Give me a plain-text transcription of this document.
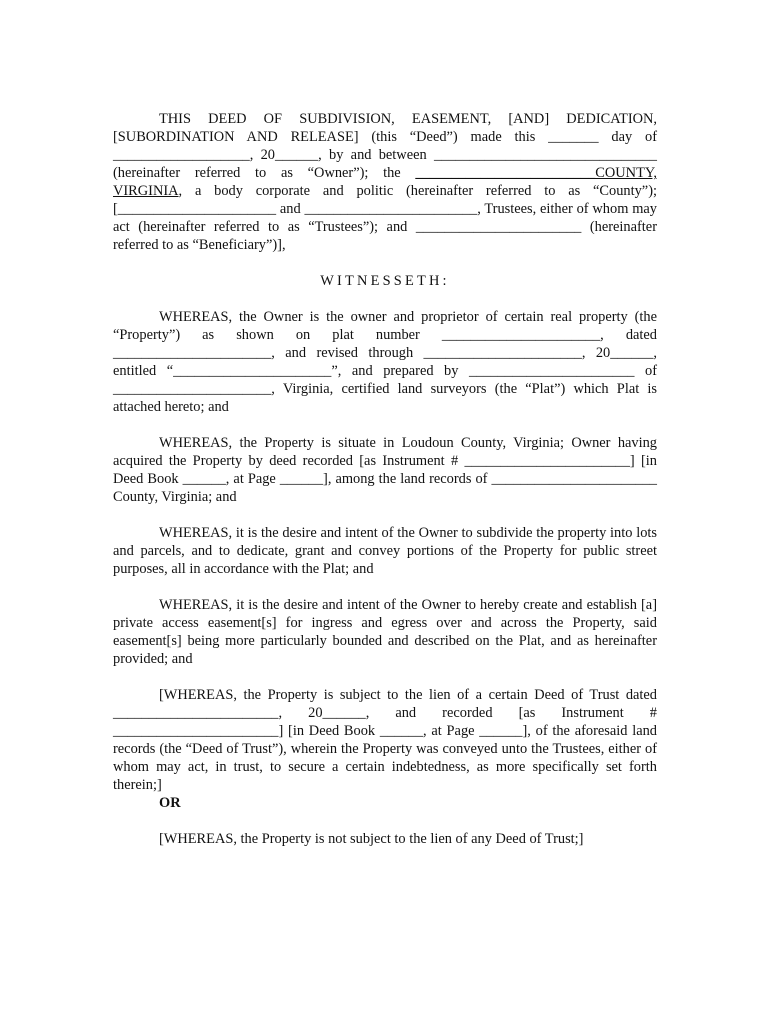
THIS DEED OF SUBDIVISION, EASEMENT, [AND] DEDICATION, [SUBORDINATION AND RELEASE] (this “Deed”) made this _______ day of ___________________, 20______, by and between _______________________________ (hereinafter referred to as “Owner”); the _________________________COUNTY, VIRGINIA, a body corporate and politic (hereinafter referred to as “County”); [______________________ and ________________________, Trustees, either of whom may act (hereinafter referred to as “Trustees”); and _______________________ (hereinafter referred to as “Beneficiary”)],

WITNESSETH:

WHEREAS, the Owner is the owner and proprietor of certain real property (the “Property”) as shown on plat number ______________________, dated ______________________, and revised through ______________________, 20______, entitled “______________________”, and prepared by _______________________ of ______________________, Virginia, certified land surveyors (the “Plat”) which Plat is attached hereto; and

WHEREAS, the Property is situate in Loudoun County, Virginia; Owner having acquired the Property by deed recorded [as Instrument # _______________________] [in Deed Book ______, at Page ______], among the land records of _______________________ County, Virginia; and

WHEREAS, it is the desire and intent of the Owner to subdivide the property into lots and parcels, and to dedicate, grant and convey portions of the Property for public street purposes, all in accordance with the Plat; and

WHEREAS, it is the desire and intent of the Owner to hereby create and establish [a] private access easement[s] for ingress and egress over and across the Property, said easement[s] being more particularly bounded and described on the Plat, and as hereinafter provided; and

[WHEREAS, the Property is subject to the lien of a certain Deed of Trust dated _______________________, 20______, and recorded [as Instrument # _______________________] [in Deed Book ______, at Page ______], of the aforesaid land records (the “Deed of Trust”), wherein the Property was conveyed unto the Trustees, either of whom may act, in trust, to secure a certain indebtedness, as more specifically set forth therein;]

OR

[WHEREAS, the Property is not subject to the lien of any Deed of Trust;]
